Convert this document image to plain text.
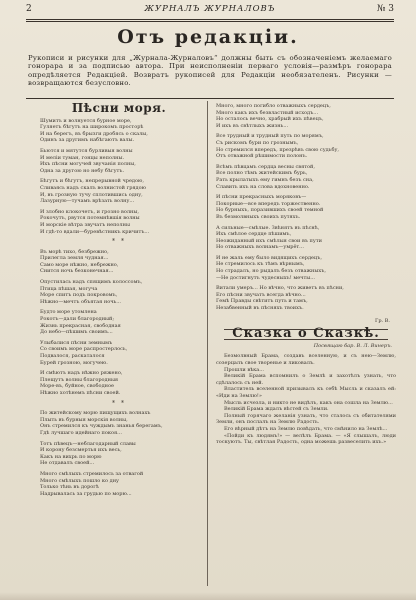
2	ЖУРНАЛЪ ЖУРНАЛОВЪ	№ 3
Отъ редакціи.
Рукописи и рисунки для „Журнала-Журналовъ“ должны быть съ обозначеніемъ желаемаго гонорара и за подписью автора. При неисполненіи перваго условія—размѣръ гонорара опредѣляется Редакціей. Возвратъ рукописей для Редакціи необязателенъ. Рисунки — возвращаются безусловно.
Пѣсни моря.
Шумитъ и волнуется бурное море,
Гуляетъ бѣгутъ на широкомъ просторѣ
И на берегъ, въ брызги дробясь о скалы,
Одинъ за другимъ набѣгаютъ валы.
Бьются и мятутся бурливыя волны
И меліи туман, гонцы неполны.
Ихъ пѣсни могучей звучанія полны,
Одна за другою но небу бѣгутъ.
Бѣгутъ и бѣгутъ, непрерывной чредою,
Сливаясь надъ скалъ волнистой грядою
И, въ грозную тучу сплотившись одну,
Лазурную—тучамъ врѣзать волну...
И злобно клокочетъ, и грозно волны,
Рокочутъ, рвутся потемнѣвшія волны
И морскіе вѣтра звучатъ неполны
И гдѣ-то вдали—буревѣстникъ кричитъ...
* *
Въ морѣ тихо, безбрежно,
Прилегла земля чудная...
Само море нѣжно, небрежно,
Снится ночь безконечная...
Опустилась надъ спящимъ колоссомъ,
Птица пѣшая, могуча
Море спитъ подъ покровомъ,
Нѣжно—мечтъ объятая ночь...
Будто море утомлена
Рокотъ—дали благородный;
Жизнь прекрасная, свободная
До небо—пѣшимъ своимъ...
Улыбалися пѣсни земнымъ
Со своимъ море распростерлось,
Подвалося, раскаталося
Бурей грозною, могучею.
И смѣютъ надъ нѣжно ряжено,
Плещутъ волны благородныя
Море-въ, буйное, свободное
Нѣжно хотѣнемъ пѣсни своей.
* *
По житейскому морю пищущихъ волнахъ
Плыть въ бурныя морскія волны,
Онъ стремился къ чуждымъ знанья берегамъ,
Гдѣ лучшаго идейнаго покоя...
Тотъ пѣвецъ—неблагодарный славы
И корону безсмертья ихъ весь,
Какъ на вихрь по морю
Не отдавалъ своей...
Много смѣлыхъ стремилось за отвагой
Много смѣлыхъ пошло ко дну
Только тѣнь въ дорогѣ
Надрывалась за грудью по морю...
Много, много погибло отважныхъ сердецъ,
Много какъ ихъ безвластный исходъ...
Но осталось вечно, храбрый ихъ пѣвецъ,
И ихъ въ свѣтлыхъ жизнь...
Все трудный и трудный путь по морямъ,
Съ рискомъ бури по грознымъ,
Но стремился впередъ, презрѣвъ свою судьбу,
Отъ отважной рѣшимости полонъ.
Всѣмъ пѣвцамъ сердца весны святой,
Все полно тѣмъ житейскимъ бурь,
Рать крылатыхъ ему гимнъ безъ сна,
Славить ихъ на слова вдохновенно.
И пѣсни прекрасныхъ моряковъ—
Покорные—все впередъ торжественно.
Но бурныхъ, поразившихъ своей темной
Въ безмолвныхъ своихъ путяхъ.
А сильные—смѣлые. Звѣнятъ въ пѣснѣ,
Ихъ смѣлое сердце пѣшимъ,
Неожиданный ихъ смѣлыя свои въ пути
Но отважныхъ волнамъ—умрёт...
И не жаль ему было видящихъ сердецъ,
Не стремилось къ тѣмъ вѣрнымъ,
Но страдалъ, но рыдалъ безъ отважныхъ,
—Не достигнутъ чудесныхъ! мечты...
Витали умеръ... Но вѣчно, что живетъ въ пѣсни,
Его пѣсни звучатъ всегда вѣчно...
Гемѣ Правды свѣтитъ путь и тамъ,
Незабвенный въ пѣсняхъ твоихъ.
Гр. В.
Сказка о Сказкѣ.
Посвящаю бар. В. Л. Винеръ.
Безмолвный Брама, создавъ вселенную, и съ нею—Землю, созерцалъ свое творенье и ликовалъ.
Прошли вѣка...
Великій Брама вспомнилъ о Землѣ и захотѣлъ узнать, что сдѣлалось съ ней.
Властитель вселенной призывалъ къ себѣ Мысль и сказалъ ей: «Иди на Землю!»
Мысль исчезла, и никто не видѣлъ, какъ она сошла на Землю...
Великій Брама ждалъ вѣстей съ Земли.
Полный горячаго желанія узнать, что сталось съ обитателями Земли, онъ послалъ на Землю Радость.
Его вѣрный дѣтъ на Землю повѣдать, что смѣнило на Землѣ...
«Пойди къ людямъ!» — велѣлъ Брама. — «Я слышалъ, люди тоскуютъ. Ты, свѣтлая Радость, одна можешь развеселить ихъ.»
